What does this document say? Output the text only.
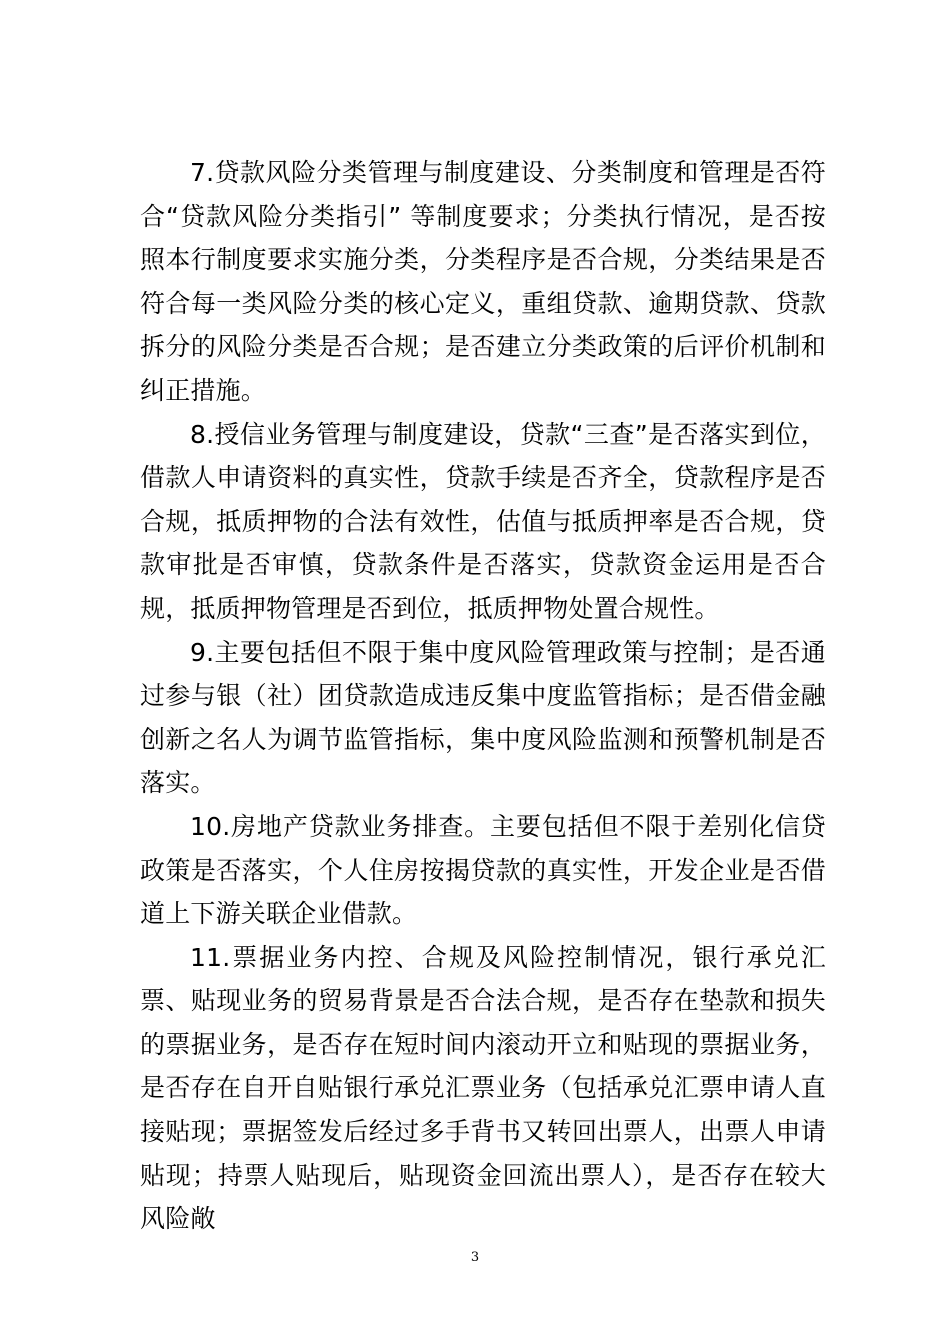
7.贷款风险分类管理与制度建设、分类制度和管理是否符合“贷款风险分类指引” 等制度要求；分类执行情况，是否按照本行制度要求实施分类，分类程序是否合规，分类结果是否符合每一类风险分类的核心定义，重组贷款、逾期贷款、贷款拆分的风险分类是否合规；是否建立分类政策的后评价机制和纠正措施。

8.授信业务管理与制度建设，贷款“三查”是否落实到位，借款人申请资料的真实性，贷款手续是否齐全，贷款程序是否合规，抵质押物的合法有效性，估值与抵质押率是否合规，贷款审批是否审慎，贷款条件是否落实，贷款资金运用是否合规，抵质押物管理是否到位，抵质押物处置合规性。

9.主要包括但不限于集中度风险管理政策与控制；是否通过参与银（社）团贷款造成违反集中度监管指标；是否借金融创新之名人为调节监管指标，集中度风险监测和预警机制是否落实。

10.房地产贷款业务排查。主要包括但不限于差别化信贷政策是否落实，个人住房按揭贷款的真实性，开发企业是否借道上下游关联企业借款。

11.票据业务内控、合规及风险控制情况，银行承兑汇票、贴现业务的贸易背景是否合法合规，是否存在垫款和损失的票据业务，是否存在短时间内滚动开立和贴现的票据业务，是否存在自开自贴银行承兑汇票业务（包括承兑汇票申请人直接贴现；票据签发后经过多手背书又转回出票人，出票人申请贴现；持票人贴现后，贴现资金回流出票人），是否存在较大风险敞

3
